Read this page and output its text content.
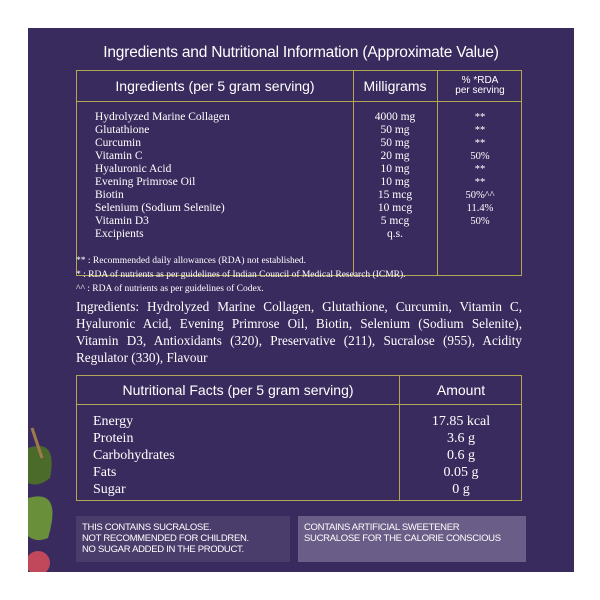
Ingredients and Nutritional Information (Approximate Value)
Ingredients (per 5 gram serving)	Milligrams	% *RDA
per serving
Hydrolyzed Marine Collagen	4000 mg	**
Glutathione	50 mg	**
Curcumin	50 mg	**
Vitamin C	20 mg	50%
Hyaluronic Acid	10 mg	**
Evening Primrose Oil	10 mg	**
Biotin	15 mcg	50%^^
Selenium (Sodium Selenite)	10 mcg	11.4%
Vitamin D3	5 mcg	50%
Excipients	q.s.
** : Recommended daily allowances (RDA) not established.
* : RDA of nutrients as per guidelines of Indian Council of Medical Research (ICMR).
^^ : RDA of nutrients as per guidelines of Codex.
Ingredients: Hydrolyzed Marine Collagen, Glutathione, Curcumin, Vitamin C, Hyaluronic Acid, Evening Primrose Oil, Biotin, Selenium (Sodium Selenite), Vitamin D3, Antioxidants (320), Preservative (211), Sucralose (955), Acidity Regulator (330), Flavour
Nutritional Facts (per 5 gram serving)	Amount
Energy	17.85 kcal
Protein	3.6 g
Carbohydrates	0.6 g
Fats	0.05 g
Sugar	0 g
THIS CONTAINS SUCRALOSE.
NOT RECOMMENDED FOR CHILDREN.
NO SUGAR ADDED IN THE PRODUCT.
CONTAINS ARTIFICIAL SWEETENER
SUCRALOSE FOR THE CALORIE CONSCIOUS
